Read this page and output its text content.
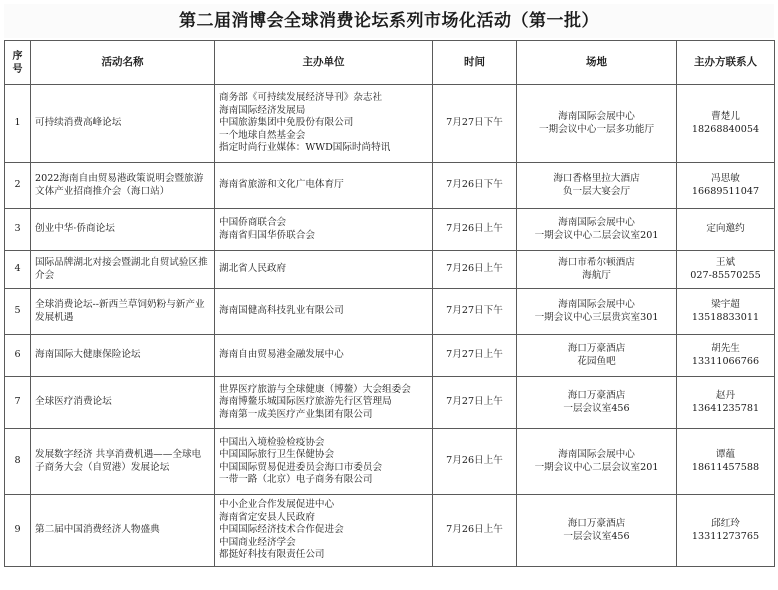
第二届消博会全球消费论坛系列市场化活动（第一批）
序
号	活动名称	主办单位	时间	场地	主办方联系人
1	可持续消费高峰论坛	商务部《可持续发展经济导刊》杂志社
海南国际经济发展局
中国旅游集团中免股份有限公司
一个地球自然基金会
指定时尚行业媒体：WWD国际时尚特讯	7月27日下午	海南国际会展中心
一期会议中心一层多功能厅	曹楚儿
18268840054

2	2022海南自由贸易港政策说明会暨旅游文体产业招商推介会（海口站）	海南省旅游和文化广电体育厅	7月26日下午	海口香格里拉大酒店
负一层大宴会厅	冯思敏
16689511047

3	创业中华·侨商论坛	中国侨商联合会
海南省归国华侨联合会	7月26日上午	海南国际会展中心
一期会议中心二层会议室201	定向邀约

4	国际品牌湖北对接会暨湖北自贸试验区推介会	湖北省人民政府	7月26日上午	海口市希尔顿酒店
海航厅	王斌
027-85570255

5	全球消费论坛--新西兰草饲奶粉与新产业发展机遇	海南国健高科技乳业有限公司	7月27日下午	海南国际会展中心
一期会议中心三层贵宾室301	梁宇超
13518833011

6	海南国际大健康保险论坛	海南自由贸易港金融发展中心	7月27日上午	海口万豪酒店
花园鱼吧	胡先生
13311066766

7	全球医疗消费论坛	世界医疗旅游与全球健康（博鳌）大会组委会
海南博鳌乐城国际医疗旅游先行区管理局
海南第一成美医疗产业集团有限公司	7月27日上午	海口万豪酒店
一层会议室456	赵丹
13641235781

8	发展数字经济 共享消费机遇——全球电子商务大会（自贸港）发展论坛	中国出入境检验检疫协会
中国国际旅行卫生保健协会
中国国际贸易促进委员会海口市委员会
一带一路（北京）电子商务有限公司	7月26日上午	海南国际会展中心
一期会议中心二层会议室201	谭蕴
18611457588

9	第二届中国消费经济人物盛典	中小企业合作发展促进中心
海南省定安县人民政府
中国国际经济技术合作促进会
中国商业经济学会
都挺好科技有限责任公司	7月26日上午	海口万豪酒店
一层会议室456	邱红玲
13311273765
